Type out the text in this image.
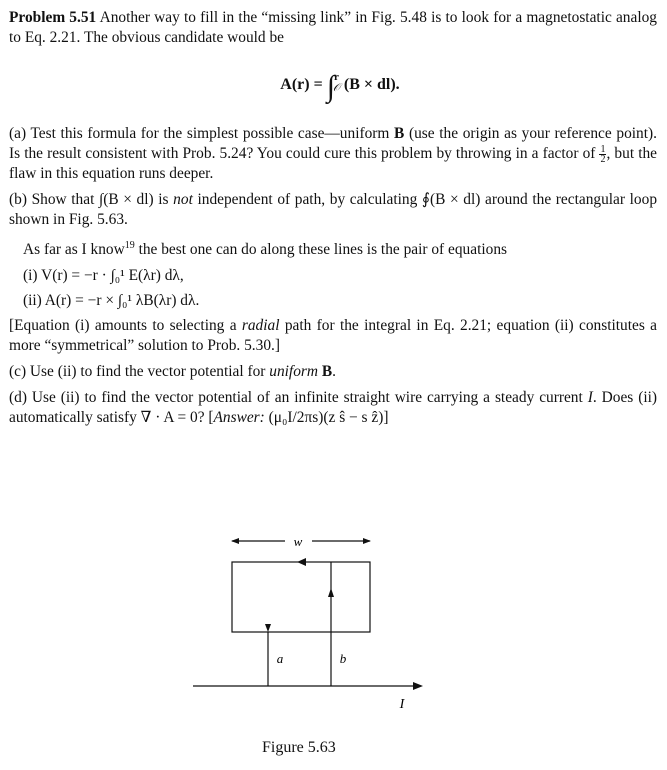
Problem 5.51 Another way to fill in the “missing link” in Fig. 5.48 is to look for a magnetostatic analog to Eq. 2.21. The obvious candidate would be

A(r) = ∫ r
𝒪 (B × dl).

(a) Test this formula for the simplest possible case—uniform B (use the origin as your reference point). Is the result consistent with Prob. 5.24? You could cure this problem by throwing in a factor of $\frac{1}{2}$ , but the flaw in this equation runs deeper.

(b) Show that ∫(B × dl) is not independent of path, by calculating ∮(B × dl) around the rectangular loop shown in Fig. 5.63.

As far as I know$^{19}$ the best one can do along these lines is the pair of equations

(i) V(r) = −r · ∫₀¹ E(λr) dλ,

(ii) A(r) = −r × ∫₀¹ λB(λr) dλ.

[Equation (i) amounts to selecting a radial path for the integral in Eq. 2.21; equation (ii) constitutes a more “symmetrical” solution to Prob. 5.30.]

(c) Use (ii) to find the vector potential for uniform B.

(d) Use (ii) to find the vector potential of an infinite straight wire carrying a steady current I. Does (ii) automatically satisfy ∇ · A = 0? [Answer: (μ₀I/2πs)(z ŝ − s ẑ)]

w
a	b
I
Figure 5.63
